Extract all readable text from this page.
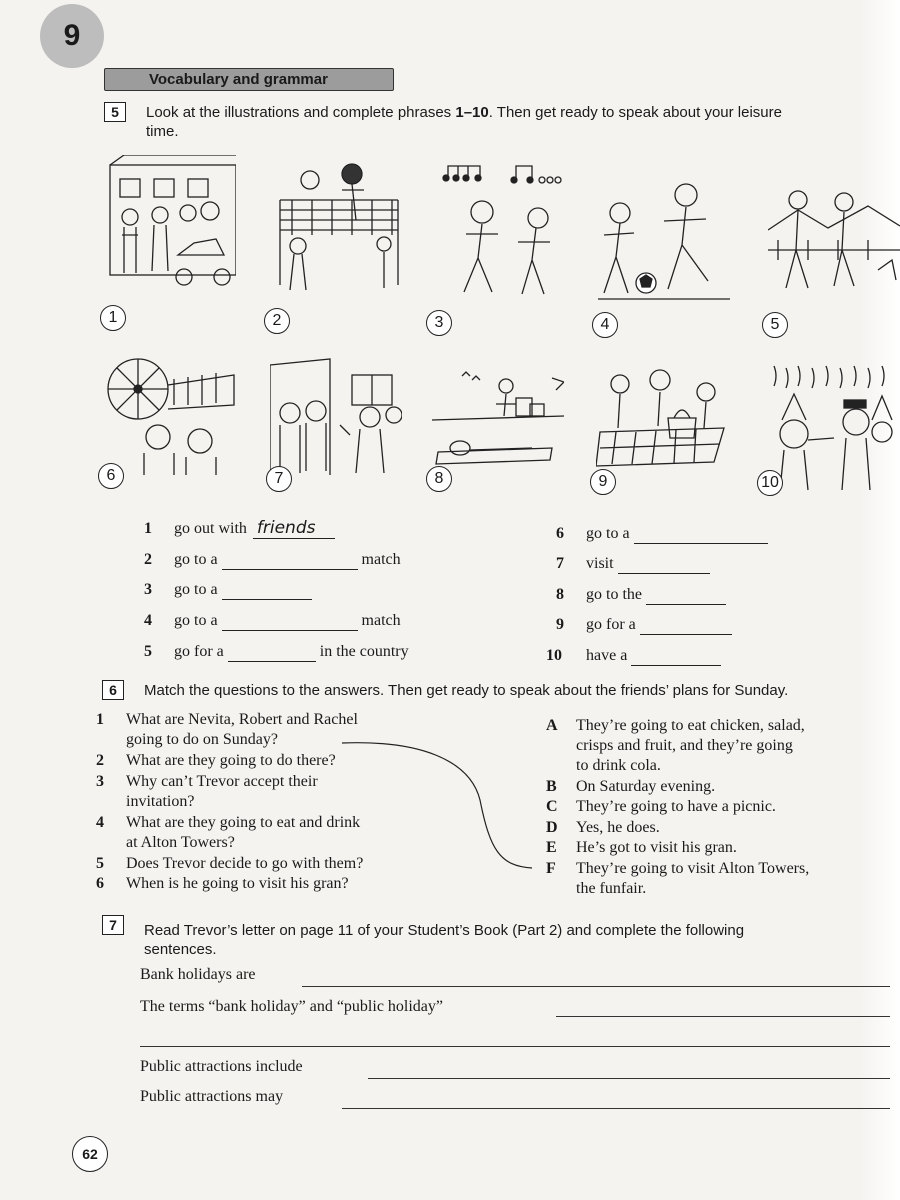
9
Vocabulary and grammar
5	Look at the illustrations and complete phrases 1–10. Then get ready to speak about your leisure
time.
1	2	3	4	5
6	7	8	9	10
1	go out with friends
2	go to a	match
3	go to a
4	go to a	match
5	go for a	in the country
6	go to a
7	visit
8	go to the
9	go for a
10	have a
6	Match the questions to the answers. Then get ready to speak about the friends’ plans for Sunday.
1 What are Nevita, Robert and Rachel
going to do on Sunday?
2 What are they going to do there?
3 Why can’t Trevor accept their
invitation?
4 What are they going to eat and drink
at Alton Towers?
5 Does Trevor decide to go with them?
6 When is he going to visit his gran?
A They’re going to eat chicken, salad,
crisps and fruit, and they’re going
to drink cola.
B On Saturday evening.
C They’re going to have a picnic.
D Yes, he does.
E He’s got to visit his gran.
F They’re going to visit Alton Towers,
the funfair.
7	Read Trevor’s letter on page 11 of your Student’s Book (Part 2) and complete the following
sentences.
Bank holidays are
The terms “bank holiday” and “public holiday”
Public attractions include
Public attractions may
62
